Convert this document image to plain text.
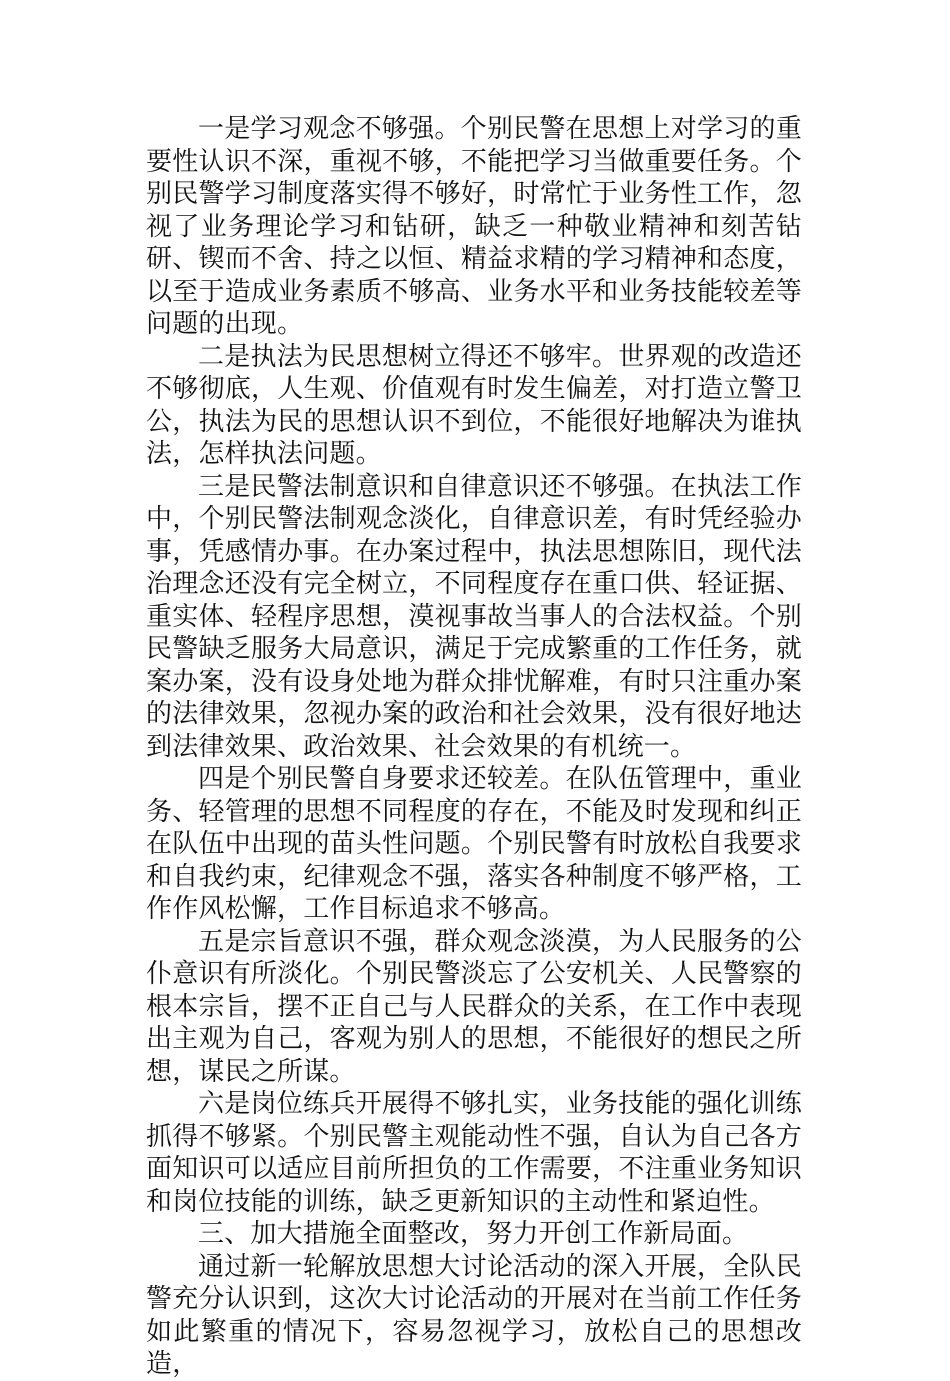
一是学习观念不够强。个别民警在思想上对学习的重要性认识不深，重视不够，不能把学习当做重要任务。个别民警学习制度落实得不够好，时常忙于业务性工作，忽视了业务理论学习和钻研，缺乏一种敬业精神和刻苦钻研、锲而不舍、持之以恒、精益求精的学习精神和态度，以至于造成业务素质不够高、业务水平和业务技能较差等问题的出现。

二是执法为民思想树立得还不够牢。世界观的改造还不够彻底，人生观、价值观有时发生偏差，对打造立警卫公，执法为民的思想认识不到位，不能很好地解决为谁执法，怎样执法问题。

三是民警法制意识和自律意识还不够强。在执法工作中，个别民警法制观念淡化，自律意识差，有时凭经验办事，凭感情办事。在办案过程中，执法思想陈旧，现代法治理念还没有完全树立，不同程度存在重口供、轻证据、重实体、轻程序思想，漠视事故当事人的合法权益。个别民警缺乏服务大局意识，满足于完成繁重的工作任务，就案办案，没有设身处地为群众排忧解难，有时只注重办案的法律效果，忽视办案的政治和社会效果，没有很好地达到法律效果、政治效果、社会效果的有机统一。

四是个别民警自身要求还较差。在队伍管理中，重业务、轻管理的思想不同程度的存在，不能及时发现和纠正在队伍中出现的苗头性问题。个别民警有时放松自我要求和自我约束，纪律观念不强，落实各种制度不够严格，工作作风松懈，工作目标追求不够高。

五是宗旨意识不强，群众观念淡漠，为人民服务的公仆意识有所淡化。个别民警淡忘了公安机关、人民警察的根本宗旨，摆不正自己与人民群众的关系，在工作中表现出主观为自己，客观为别人的思想，不能很好的想民之所想，谋民之所谋。

六是岗位练兵开展得不够扎实，业务技能的强化训练抓得不够紧。个别民警主观能动性不强，自认为自己各方面知识可以适应目前所担负的工作需要，不注重业务知识和岗位技能的训练，缺乏更新知识的主动性和紧迫性。

三、加大措施全面整改，努力开创工作新局面。

通过新一轮解放思想大讨论活动的深入开展，全队民警充分认识到，这次大讨论活动的开展对在当前工作任务如此繁重的情况下，容易忽视学习，放松自己的思想改造，
